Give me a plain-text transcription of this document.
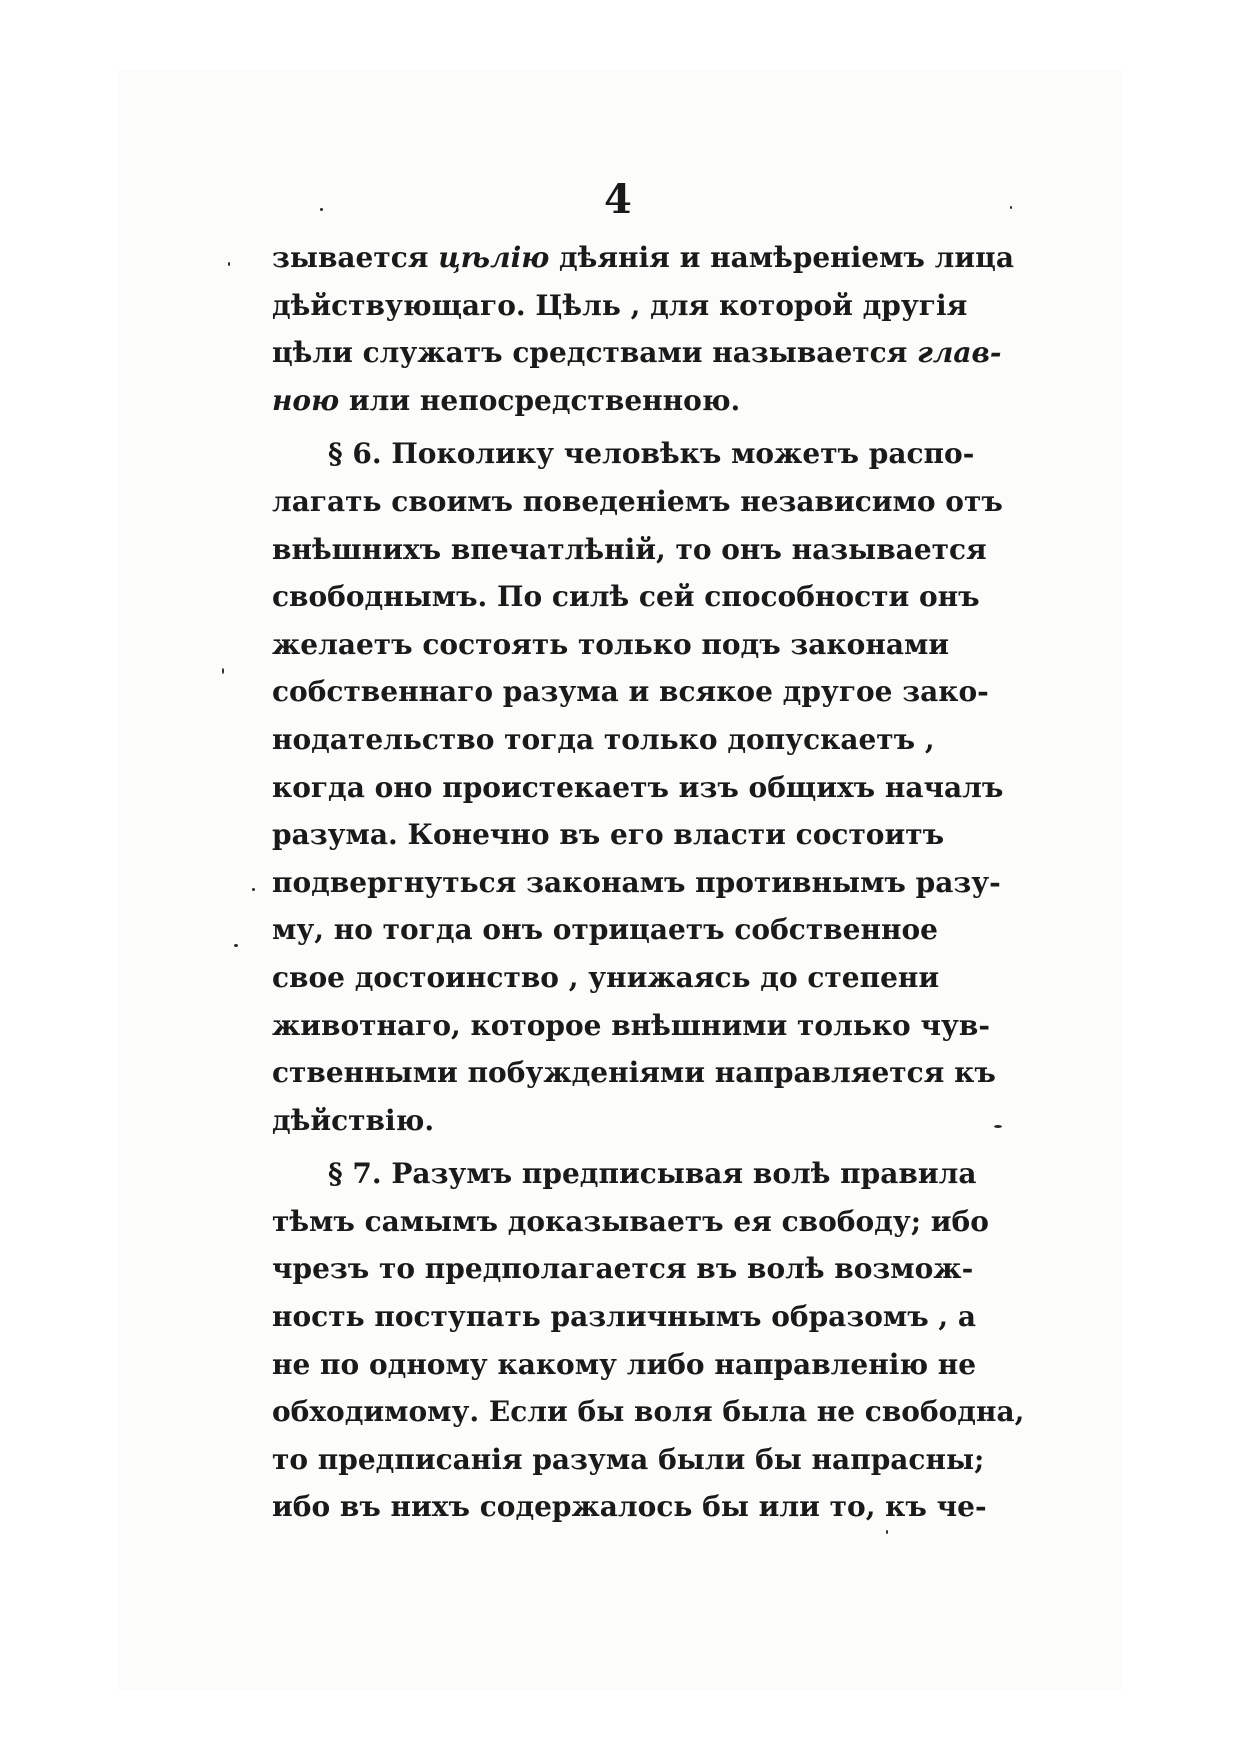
4
зывается цѣлію дѣянія и намѣреніемъ лица
дѣйствующаго. Цѣль , для которой другія
цѣли служатъ средствами называется глав-
ною или непосредственною.
  § 6. Поколику человѣкъ можетъ распо-
лагать своимъ поведеніемъ независимо отъ
внѣшнихъ впечатлѣній, то онъ называется
свободнымъ. По силѣ сей способности онъ
желаетъ состоять только подъ законами
собственнаго разума и всякое другое зако-
нодательство тогда только допускаетъ ,
когда оно проистекаетъ изъ общихъ началъ
разума. Конечно въ его власти состоитъ
подвергнуться законамъ противнымъ разу-
му, но тогда онъ отрицаетъ собственное
свое достоинство , унижаясь до степени
животнаго, которое внѣшними только чув-
ственными побужденіями направляется къ
дѣйствію.
  § 7. Разумъ предписывая волѣ правила
тѣмъ самымъ доказываетъ ея свободу; ибо
чрезъ то предполагается въ волѣ возмож-
ность поступать различнымъ образомъ , а
не по одному какому либо направленію не
обходимому. Если бы воля была не свободна,
то предписанія разума были бы напрасны;
ибо въ нихъ содержалось бы или то, къ че-
